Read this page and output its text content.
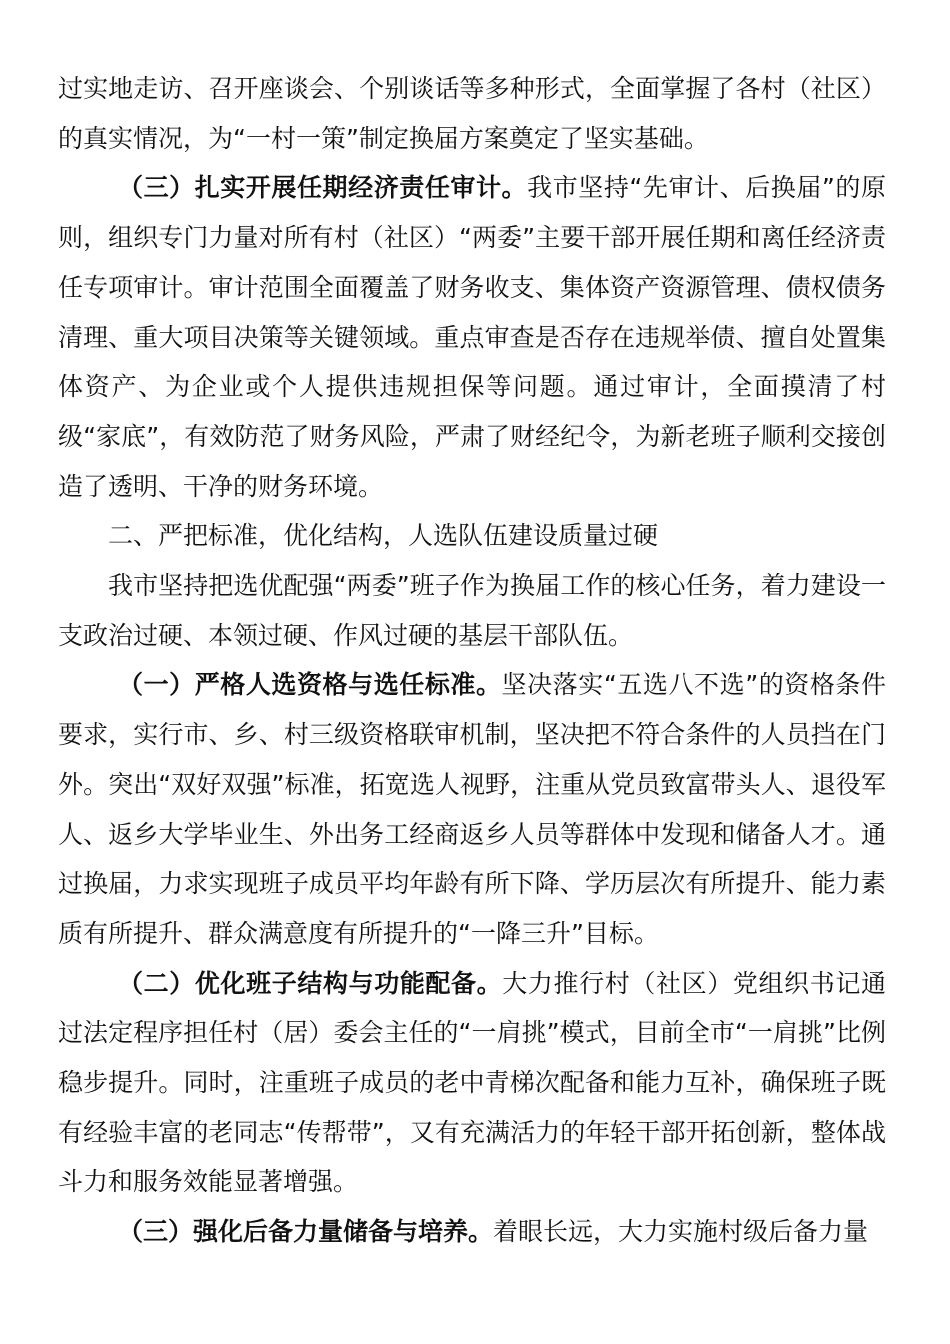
过实地走访、召开座谈会、个别谈话等多种形式，全面掌握了各村（社区）的真实情况，为“一村一策”制定换届方案奠定了坚实基础。

（三）扎实开展任期经济责任审计。我市坚持“先审计、后换届”的原则，组织专门力量对所有村（社区）“两委”主要干部开展任期和离任经济责任专项审计。审计范围全面覆盖了财务收支、集体资产资源管理、债权债务清理、重大项目决策等关键领域。重点审查是否存在违规举债、擅自处置集体资产、为企业或个人提供违规担保等问题。通过审计，全面摸清了村级“家底”，有效防范了财务风险，严肃了财经纪令，为新老班子顺利交接创造了透明、干净的财务环境。

二、严把标准，优化结构，人选队伍建设质量过硬

我市坚持把选优配强“两委”班子作为换届工作的核心任务，着力建设一支政治过硬、本领过硬、作风过硬的基层干部队伍。

（一）严格人选资格与选任标准。坚决落实“五选八不选”的资格条件要求，实行市、乡、村三级资格联审机制，坚决把不符合条件的人员挡在门外。突出“双好双强”标准，拓宽选人视野，注重从党员致富带头人、退役军人、返乡大学毕业生、外出务工经商返乡人员等群体中发现和储备人才。通过换届，力求实现班子成员平均年龄有所下降、学历层次有所提升、能力素质有所提升、群众满意度有所提升的“一降三升”目标。

（二）优化班子结构与功能配备。大力推行村（社区）党组织书记通过法定程序担任村（居）委会主任的“一肩挑”模式，目前全市“一肩挑”比例稳步提升。同时，注重班子成员的老中青梯次配备和能力互补，确保班子既有经验丰富的老同志“传帮带”，又有充满活力的年轻干部开拓创新，整体战斗力和服务效能显著增强。

（三）强化后备力量储备与培养。着眼长远，大力实施村级后备力量
